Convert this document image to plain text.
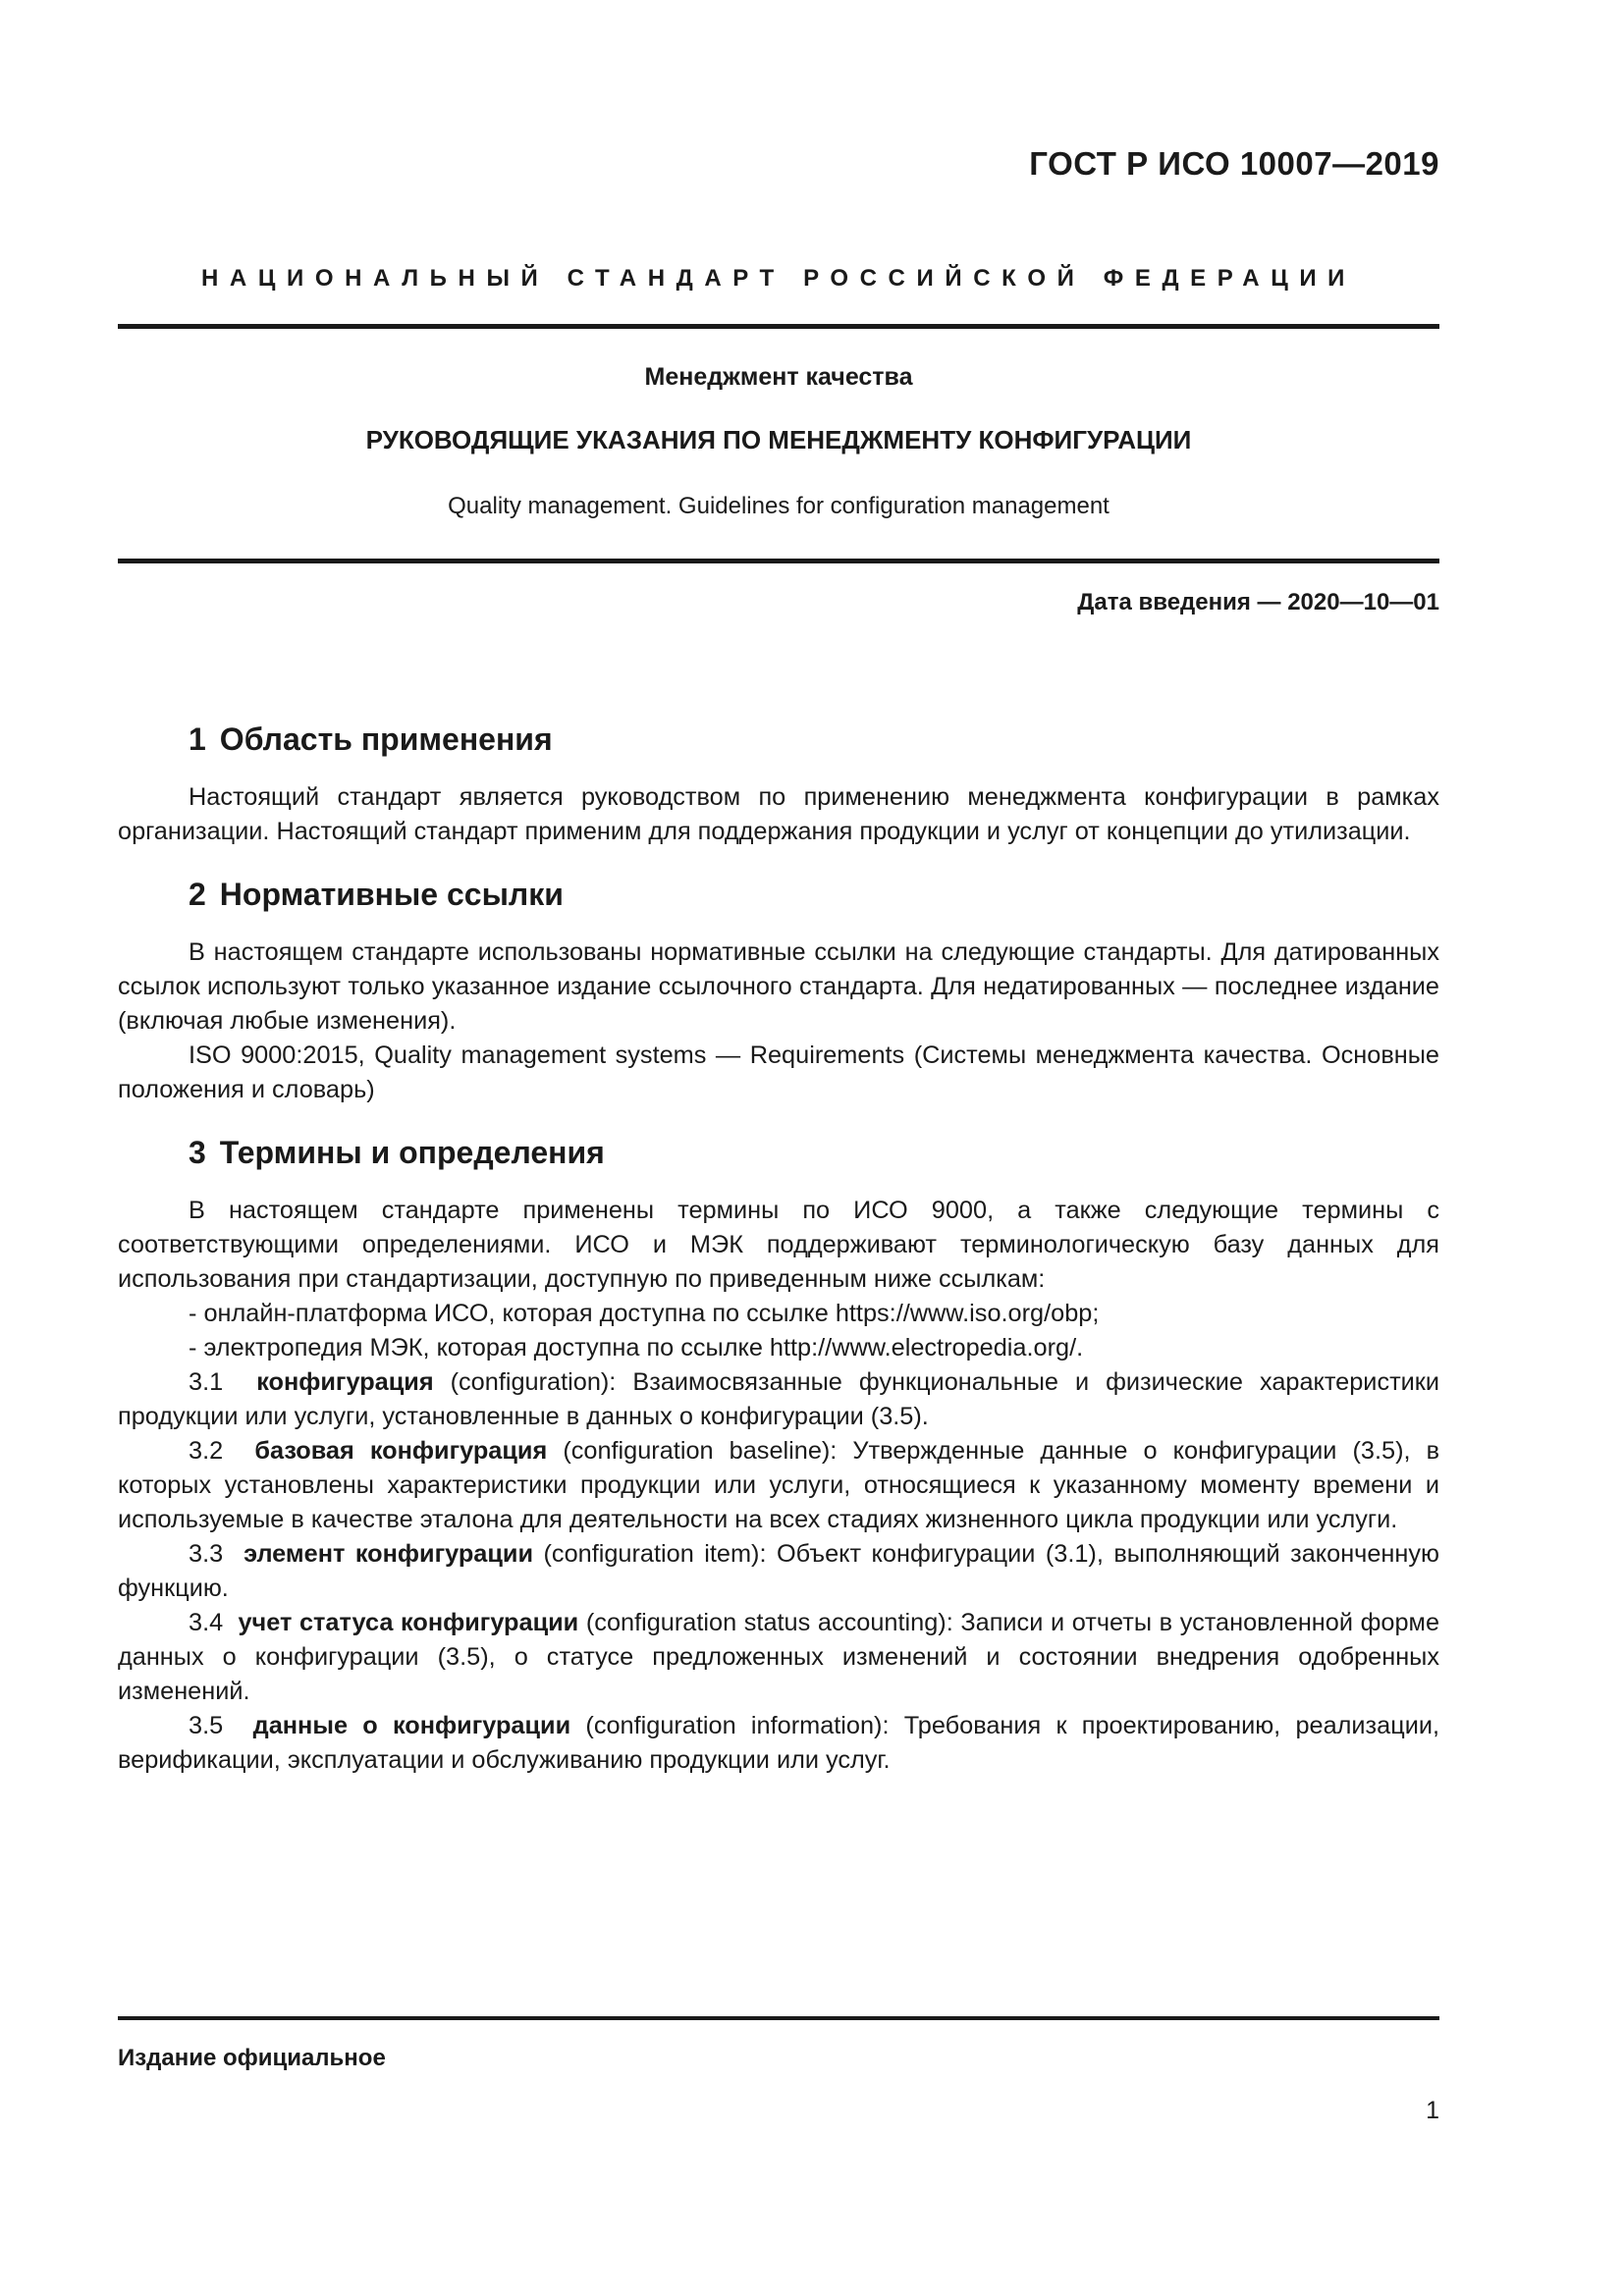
ГОСТ Р ИСО 10007—2019
НАЦИОНАЛЬНЫЙ СТАНДАРТ РОССИЙСКОЙ ФЕДЕРАЦИИ
Менеджмент качества
РУКОВОДЯЩИЕ УКАЗАНИЯ ПО МЕНЕДЖМЕНТУ КОНФИГУРАЦИИ
Quality management. Guidelines for configuration management
Дата введения — 2020—10—01
1 Область применения

Настоящий стандарт является руководством по применению менеджмента конфигурации в рамках организации. Настоящий стандарт применим для поддержания продукции и услуг от концепции до утилизации.

2 Нормативные ссылки

В настоящем стандарте использованы нормативные ссылки на следующие стандарты. Для датированных ссылок используют только указанное издание ссылочного стандарта. Для недатированных — последнее издание (включая любые изменения).

ISO 9000:2015, Quality management systems — Requirements (Системы менеджмента качества. Основные положения и словарь)

3 Термины и определения

В настоящем стандарте применены термины по ИСО 9000, а также следующие термины с соответствующими определениями. ИСО и МЭК поддерживают терминологическую базу данных для использования при стандартизации, доступную по приведенным ниже ссылкам:

- онлайн-платформа ИСО, которая доступна по ссылке https://www.iso.org/obp;

- электропедия МЭК, которая доступна по ссылке http://www.electropedia.org/.

3.1 конфигурация (configuration): Взаимосвязанные функциональные и физические характеристики продукции или услуги, установленные в данных о конфигурации (3.5).

3.2 базовая конфигурация (configuration baseline): Утвержденные данные о конфигурации (3.5), в которых установлены характеристики продукции или услуги, относящиеся к указанному моменту времени и используемые в качестве эталона для деятельности на всех стадиях жизненного цикла продукции или услуги.

3.3 элемент конфигурации (configuration item): Объект конфигурации (3.1), выполняющий законченную функцию.

3.4 учет статуса конфигурации (configuration status accounting): Записи и отчеты в установленной форме данных о конфигурации (3.5), о статусе предложенных изменений и состоянии внедрения одобренных изменений.

3.5 данные о конфигурации (configuration information): Требования к проектированию, реализации, верификации, эксплуатации и обслуживанию продукции или услуг.

Издание официальное
1
